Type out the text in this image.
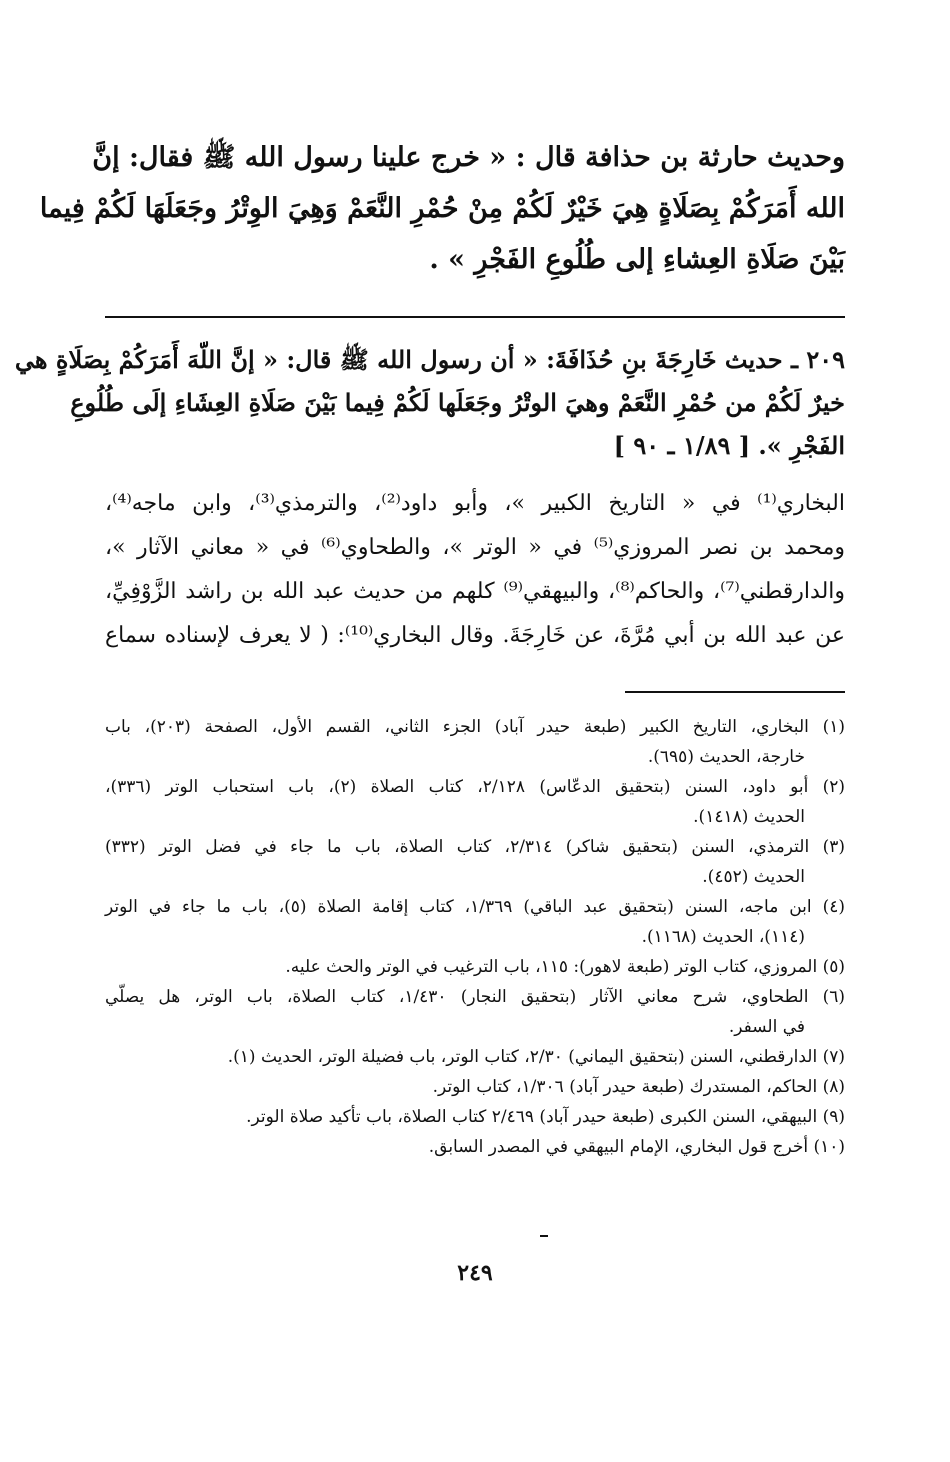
وحديث حارثة بن حذافة قال : « خرج علينا رسول الله ﷺ فقال: إنَّ
الله أَمَرَكُمْ بِصَلَاةٍ هِيَ خَيْرٌ لَكُمْ مِنْ حُمْرِ النَّعَمْ وَهِيَ الوِتْرُ وجَعَلَهَا لَكُمْ فِيما
بَيْنَ صَلَاةِ العِشاءِ إلى طُلُوعِ الفَجْرِ » .
٢٠٩ ـ حديث خَارِجَةَ بنِ حُذَافَةَ: « أن رسول الله ﷺ قال: « إنَّ اللّهَ أَمَرَكُمْ بِصَلَاةٍ هي
خيرٌ لَكُمْ من حُمْرِ النَّعَمْ وهيَ الوتْرُ وجَعَلَها لَكُمْ فِيما بَيْنَ صَلَاةِ العِشَاءِ إلَى طُلُوعِ
الفَجْرِ ». [ ١/٨٩ ـ ٩٠ ]
البخاري⁽¹⁾ في « التاريخ الكبير »، وأبو داود⁽²⁾، والترمذي⁽³⁾، وابن ماجه⁽⁴⁾،
ومحمد بن نصر المروزي⁽⁵⁾ في « الوتر »، والطحاوي⁽⁶⁾ في « معاني الآثار »،
والدارقطني⁽⁷⁾، والحاكم⁽⁸⁾، والبيهقي⁽⁹⁾ كلهم من حديث عبد الله بن راشد الزَّوْفِيِّ،
عن عبد الله بن أبي مُرَّةَ، عن خَارِجَةَ. وقال البخاري⁽¹⁰⁾: ( لا يعرف لإسناده سماع
(١) البخاري، التاريخ الكبير (طبعة حيدر آباد) الجزء الثاني، القسم الأول، الصفحة (٢٠٣)، باب
خارجة، الحديث (٦٩٥).
(٢) أبو داود، السنن (بتحقيق الدعّاس) ٢/١٢٨، كتاب الصلاة (٢)، باب استحباب الوتر (٣٣٦)،
الحديث (١٤١٨).
(٣) الترمذي، السنن (بتحقيق شاكر) ٢/٣١٤، كتاب الصلاة، باب ما جاء في فضل الوتر (٣٣٢)
الحديث (٤٥٢).
(٤) ابن ماجه، السنن (بتحقيق عبد الباقي) ١/٣٦٩، كتاب إقامة الصلاة (٥)، باب ما جاء في الوتر
(١١٤)، الحديث (١١٦٨).
(٥) المروزي، كتاب الوتر (طبعة لاهور): ١١٥، باب الترغيب في الوتر والحث عليه.
(٦) الطحاوي، شرح معاني الآثار (بتحقيق النجار) ١/٤٣٠، كتاب الصلاة، باب الوتر، هل يصلّي
في السفر.
(٧) الدارقطني، السنن (بتحقيق اليماني) ٢/٣٠، كتاب الوتر، باب فضيلة الوتر، الحديث (١).
(٨) الحاكم، المستدرك (طبعة حيدر آباد) ١/٣٠٦، كتاب الوتر.
(٩) البيهقي، السنن الكبرى (طبعة حيدر آباد) ٢/٤٦٩ كتاب الصلاة، باب تأكيد صلاة الوتر.
(١٠) أخرج قول البخاري، الإمام البيهقي في المصدر السابق.
٢٤٩
